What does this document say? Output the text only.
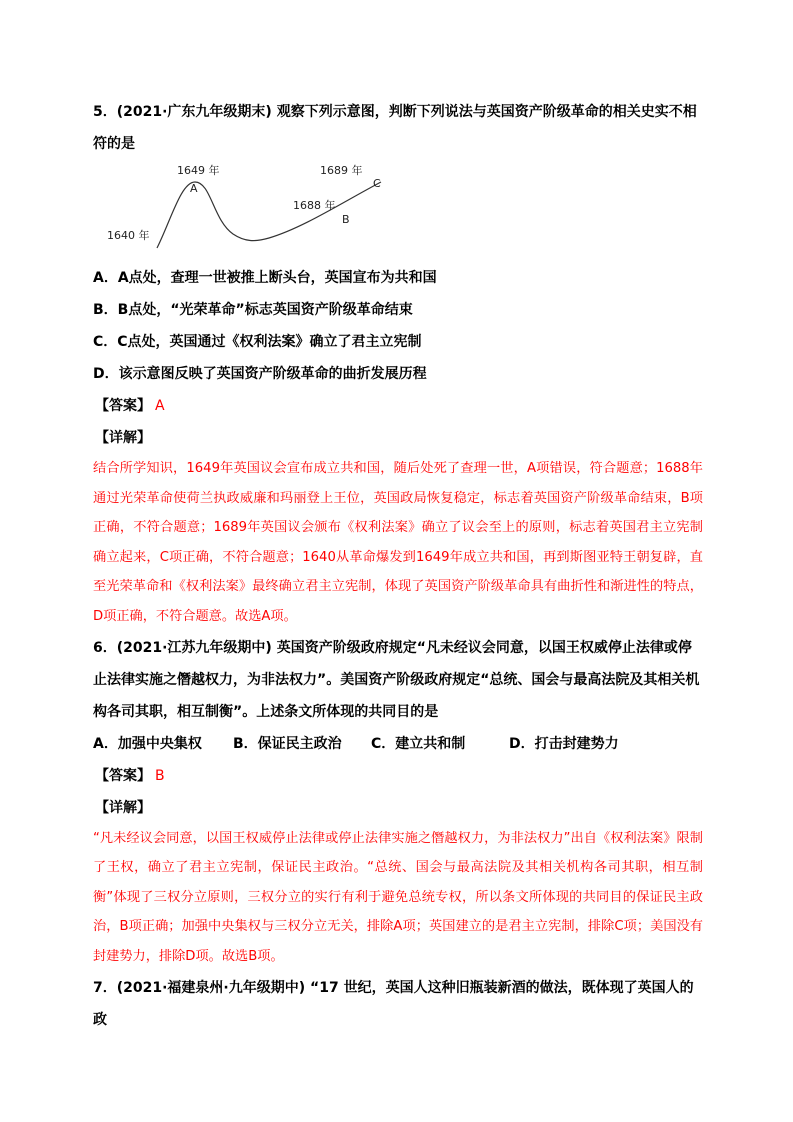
5．(2021·广东九年级期末) 观察下列示意图，判断下列说法与英国资产阶级革命的相关史实不相符的是

1640 年
1649 年
A
1688 年
B
1689 年
C

A．A点处，查理一世被推上断头台，英国宣布为共和国

B．B点处，“光荣革命”标志英国资产阶级革命结束

C．C点处，英国通过《权利法案》确立了君主立宪制

D．该示意图反映了英国资产阶级革命的曲折发展历程

【答案】 A

【详解】

结合所学知识，1649年英国议会宣布成立共和国，随后处死了查理一世，A项错误，符合题意；1688年通过光荣革命使荷兰执政威廉和玛丽登上王位，英国政局恢复稳定，标志着英国资产阶级革命结束，B项正确，不符合题意；1689年英国议会颁布《权利法案》确立了议会至上的原则，标志着英国君主立宪制确立起来，C项正确，不符合题意；1640从革命爆发到1649年成立共和国，再到斯图亚特王朝复辟，直至光荣革命和《权利法案》最终确立君主立宪制，体现了英国资产阶级革命具有曲折性和渐进性的特点，D项正确，不符合题意。故选A项。

6．(2021·江苏九年级期中) 英国资产阶级政府规定“凡未经议会同意，以国王权威停止法律或停止法律实施之僭越权力，为非法权力”。美国资产阶级政府规定“总统、国会与最高法院及其相关机构各司其职，相互制衡”。上述条文所体现的共同目的是

A．加强中央集权	B．保证民主政治	C．建立共和制	D．打击封建势力

【答案】 B

【详解】

“凡未经议会同意，以国王权威停止法律或停止法律实施之僭越权力，为非法权力”出自《权利法案》限制了王权，确立了君主立宪制，保证民主政治。“总统、国会与最高法院及其相关机构各司其职，相互制衡”体现了三权分立原则，三权分立的实行有利于避免总统专权，所以条文所体现的共同目的保证民主政治，B项正确；加强中央集权与三权分立无关，排除A项；英国建立的是君主立宪制，排除C项；美国没有封建势力，排除D项。故选B项。

7．(2021·福建泉州·九年级期中) “17 世纪，英国人这种旧瓶装新酒的做法，既体现了英国人的政
